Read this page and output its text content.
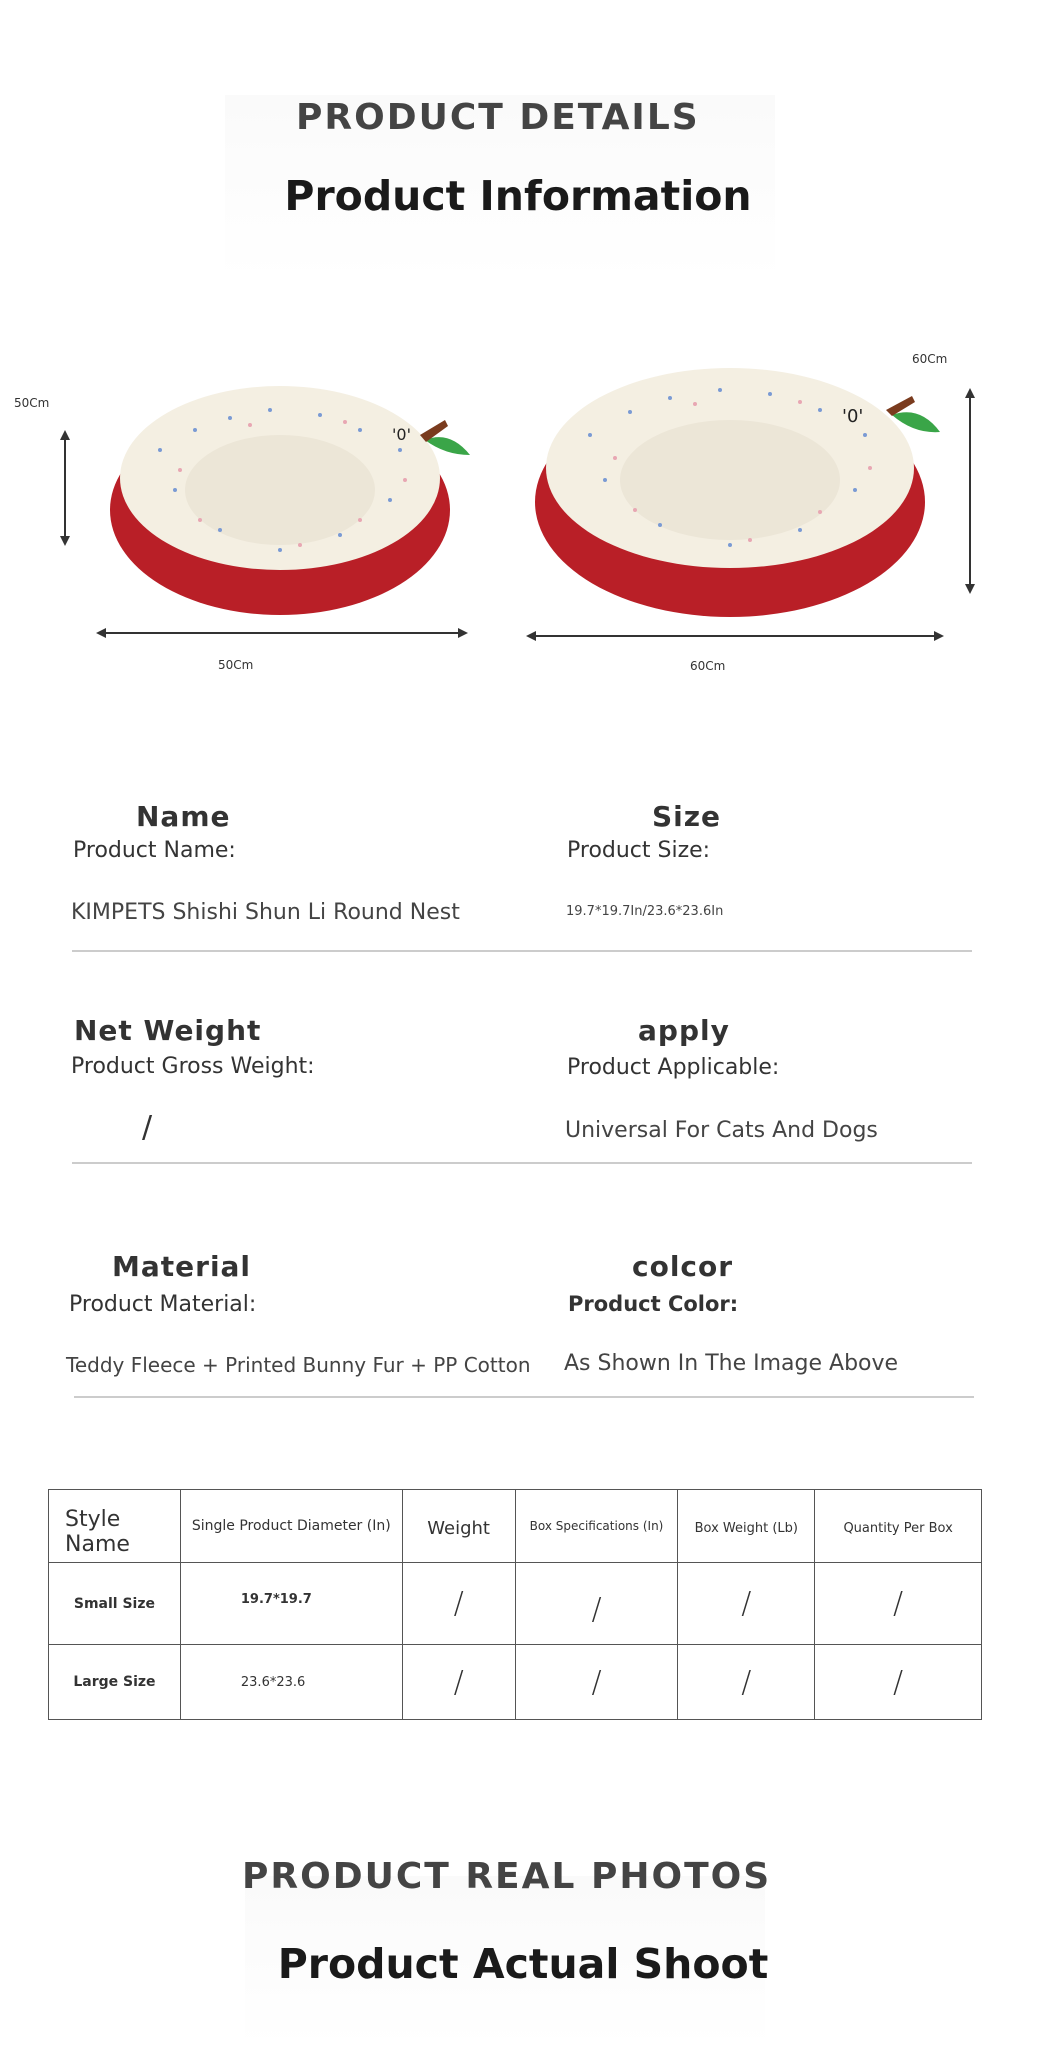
PRODUCT DETAILS
Product Information
'0'
50Cm
50Cm
'0'
60Cm
60Cm
Name
Product Name:
KIMPETS Shishi Shun Li Round Nest
Size
Product Size:
19.7*19.7In/23.6*23.6In
Net Weight
Product Gross Weight:
/
apply
Product Applicable:
Universal For Cats And Dogs
Material
Product Material:
Teddy Fleece + Printed Bunny Fur + PP Cotton
colcor
Product Color:
As Shown In The Image Above
Style Name	Single Product Diameter (In)	Weight	Box Specifications (In)	Box Weight (Lb)	Quantity Per Box
Small Size	19.7*19.7	/	/	/	/
Large Size	23.6*23.6	/	/	/	/
PRODUCT REAL PHOTOS
Product Actual Shoot
